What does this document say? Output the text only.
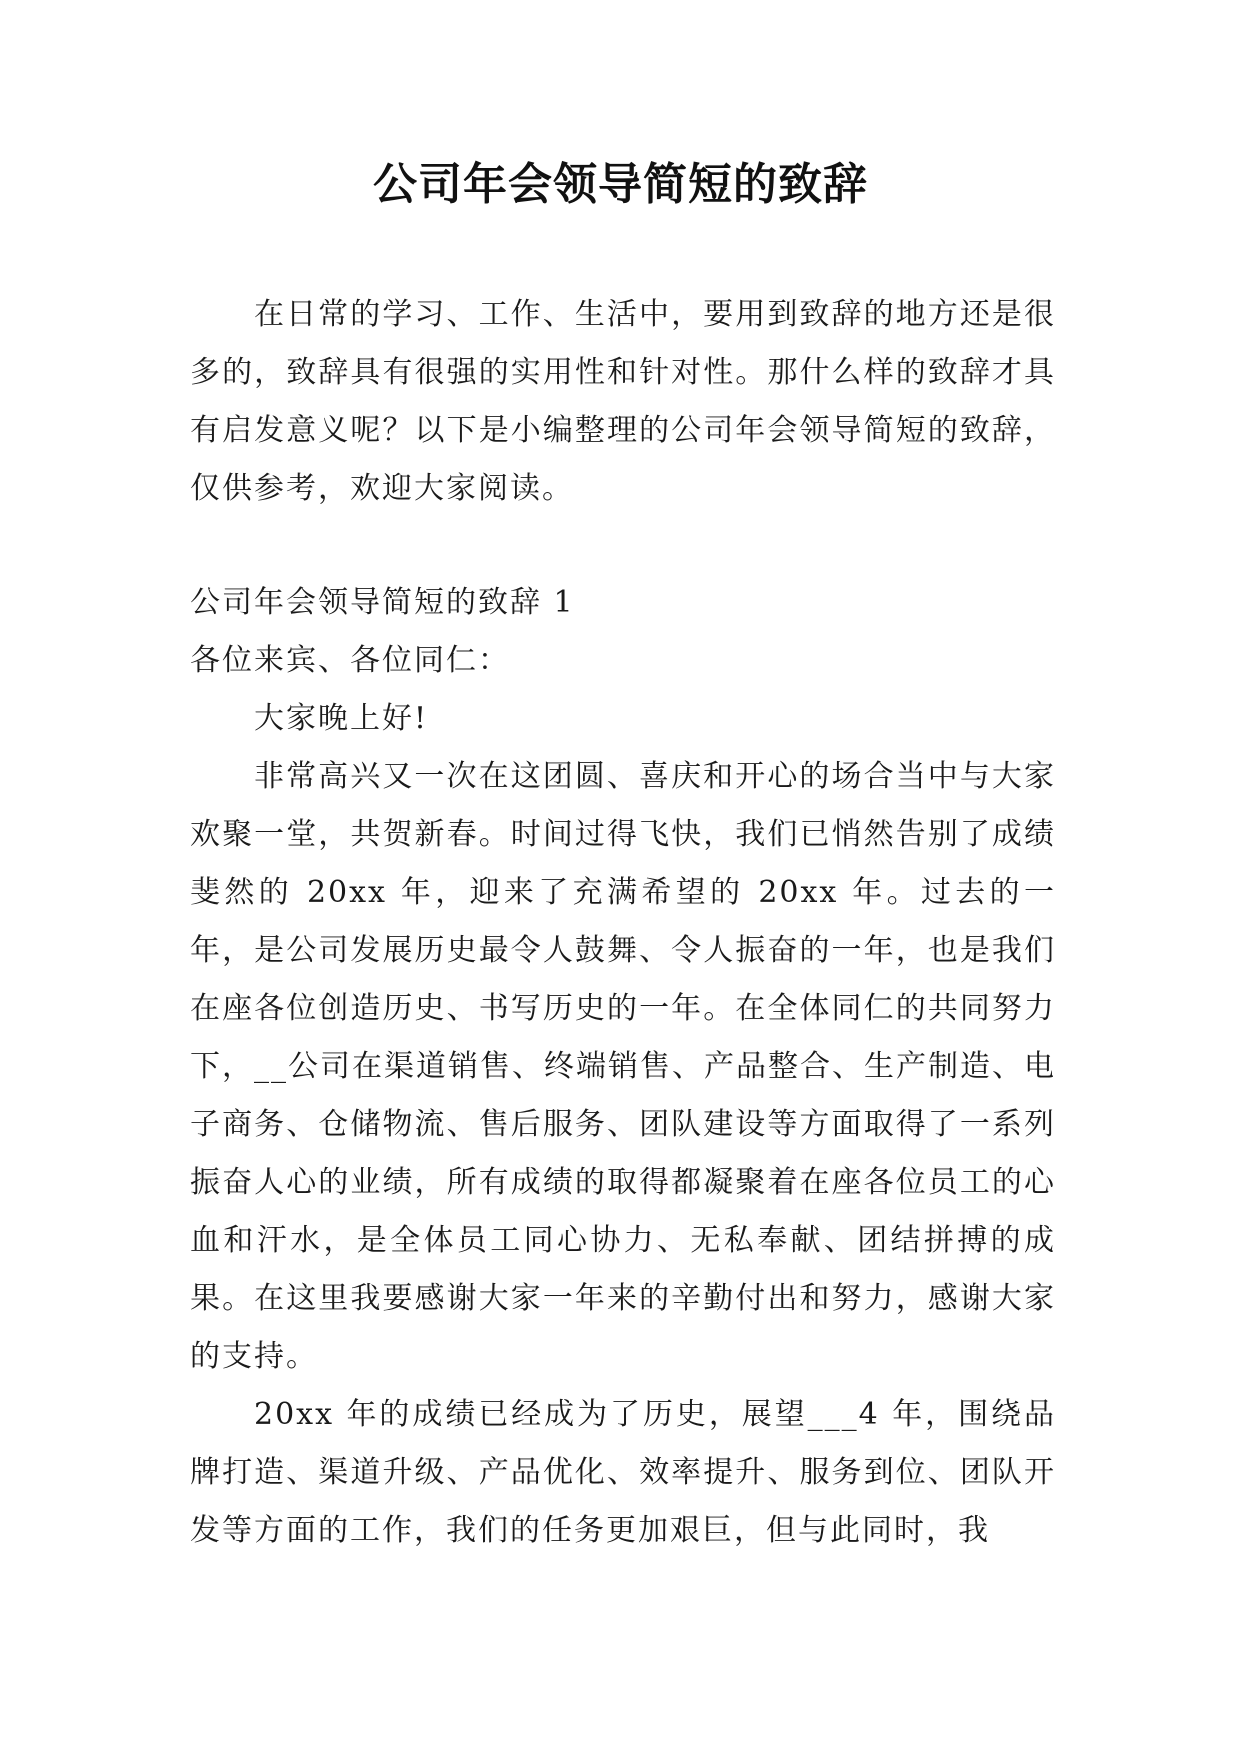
公司年会领导简短的致辞

在日常的学习、工作、生活中，要用到致辞的地方还是很多的，致辞具有很强的实用性和针对性。那什么样的致辞才具有启发意义呢？以下是小编整理的公司年会领导简短的致辞，仅供参考，欢迎大家阅读。

公司年会领导简短的致辞 1

各位来宾、各位同仁：

大家晚上好!

非常高兴又一次在这团圆、喜庆和开心的场合当中与大家欢聚一堂，共贺新春。时间过得飞快，我们已悄然告别了成绩斐然的 20xx 年，迎来了充满希望的 20xx 年。过去的一年，是公司发展历史最令人鼓舞、令人振奋的一年，也是我们在座各位创造历史、书写历史的一年。在全体同仁的共同努力下，__公司在渠道销售、终端销售、产品整合、生产制造、电子商务、仓储物流、售后服务、团队建设等方面取得了一系列振奋人心的业绩，所有成绩的取得都凝聚着在座各位员工的心血和汗水，是全体员工同心协力、无私奉献、团结拼搏的成果。在这里我要感谢大家一年来的辛勤付出和努力，感谢大家的支持。

20xx 年的成绩已经成为了历史，展望___4 年，围绕品牌打造、渠道升级、产品优化、效率提升、服务到位、团队开发等方面的工作，我们的任务更加艰巨，但与此同时，我
